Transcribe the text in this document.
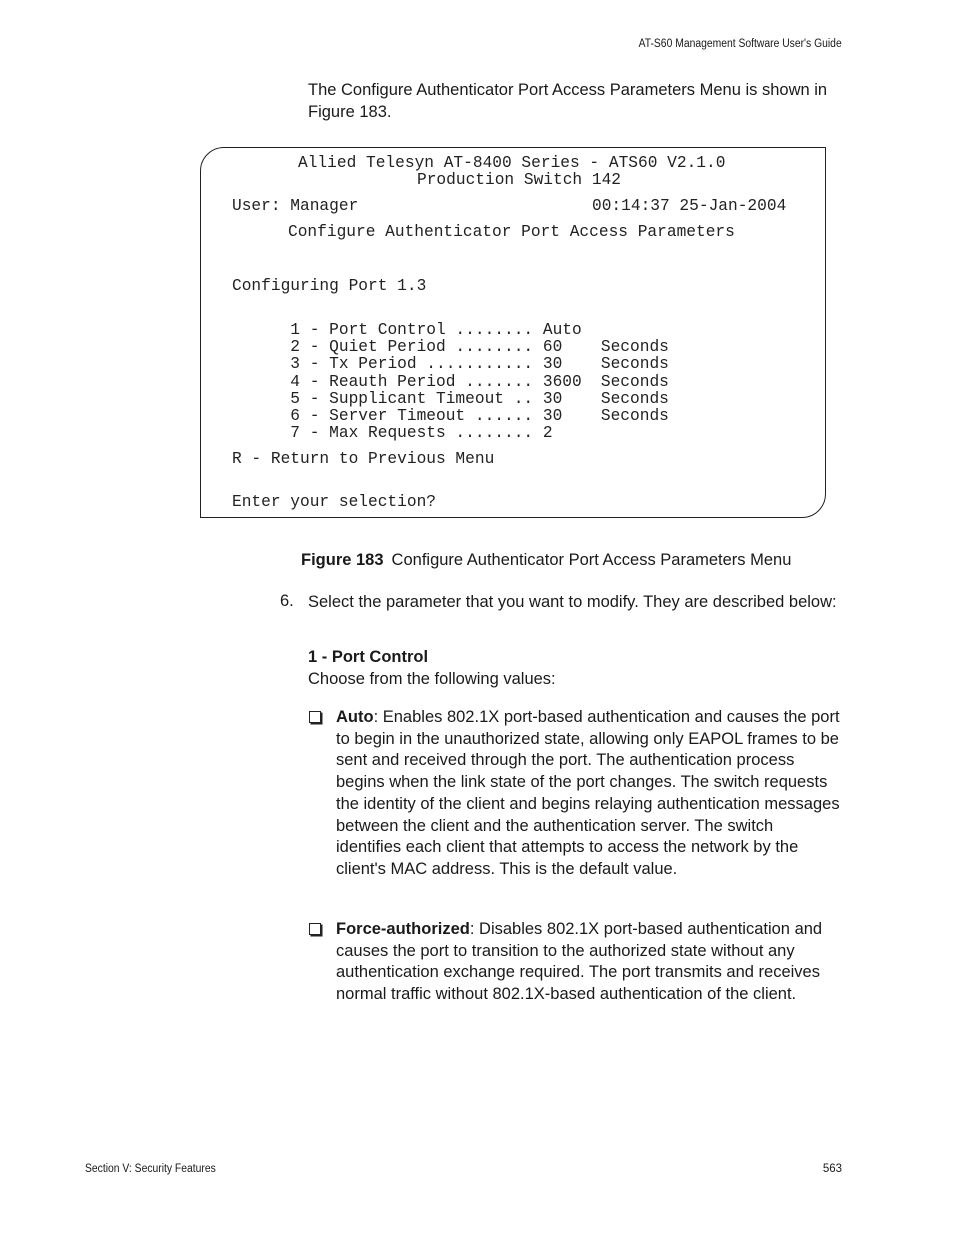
AT-S60 Management Software User's Guide
The Configure Authenticator Port Access Parameters Menu is shown in Figure 183.
Allied Telesyn AT-8400 Series - ATS60 V2.1.0
Production Switch 142
User: Manager	00:14:37 25-Jan-2004
Configure Authenticator Port Access Parameters
Configuring Port 1.3

1 - Port Control ........ Auto

2 - Quiet Period ........ 60 Seconds

3 - Tx Period ........... 30 Seconds

4 - Reauth Period ....... 3600 Seconds

5 - Supplicant Timeout .. 30 Seconds

6 - Server Timeout ...... 30 Seconds

7 - Max Requests ........ 2

R - Return to Previous Menu
Enter your selection?
Figure 183 Configure Authenticator Port Access Parameters Menu
6. Select the parameter that you want to modify. They are described below:
1 - Port Control
Choose from the following values:
Auto: Enables 802.1X port-based authentication and causes the port to begin in the unauthorized state, allowing only EAPOL frames to be sent and received through the port. The authentication process begins when the link state of the port changes. The switch requests the identity of the client and begins relaying authentication messages between the client and the authentication server. The switch identifies each client that attempts to access the network by the client's MAC address. This is the default value.
Force-authorized: Disables 802.1X port-based authentication and causes the port to transition to the authorized state without any authentication exchange required. The port transmits and receives normal traffic without 802.1X-based authentication of the client.
Section V: Security Features	563
